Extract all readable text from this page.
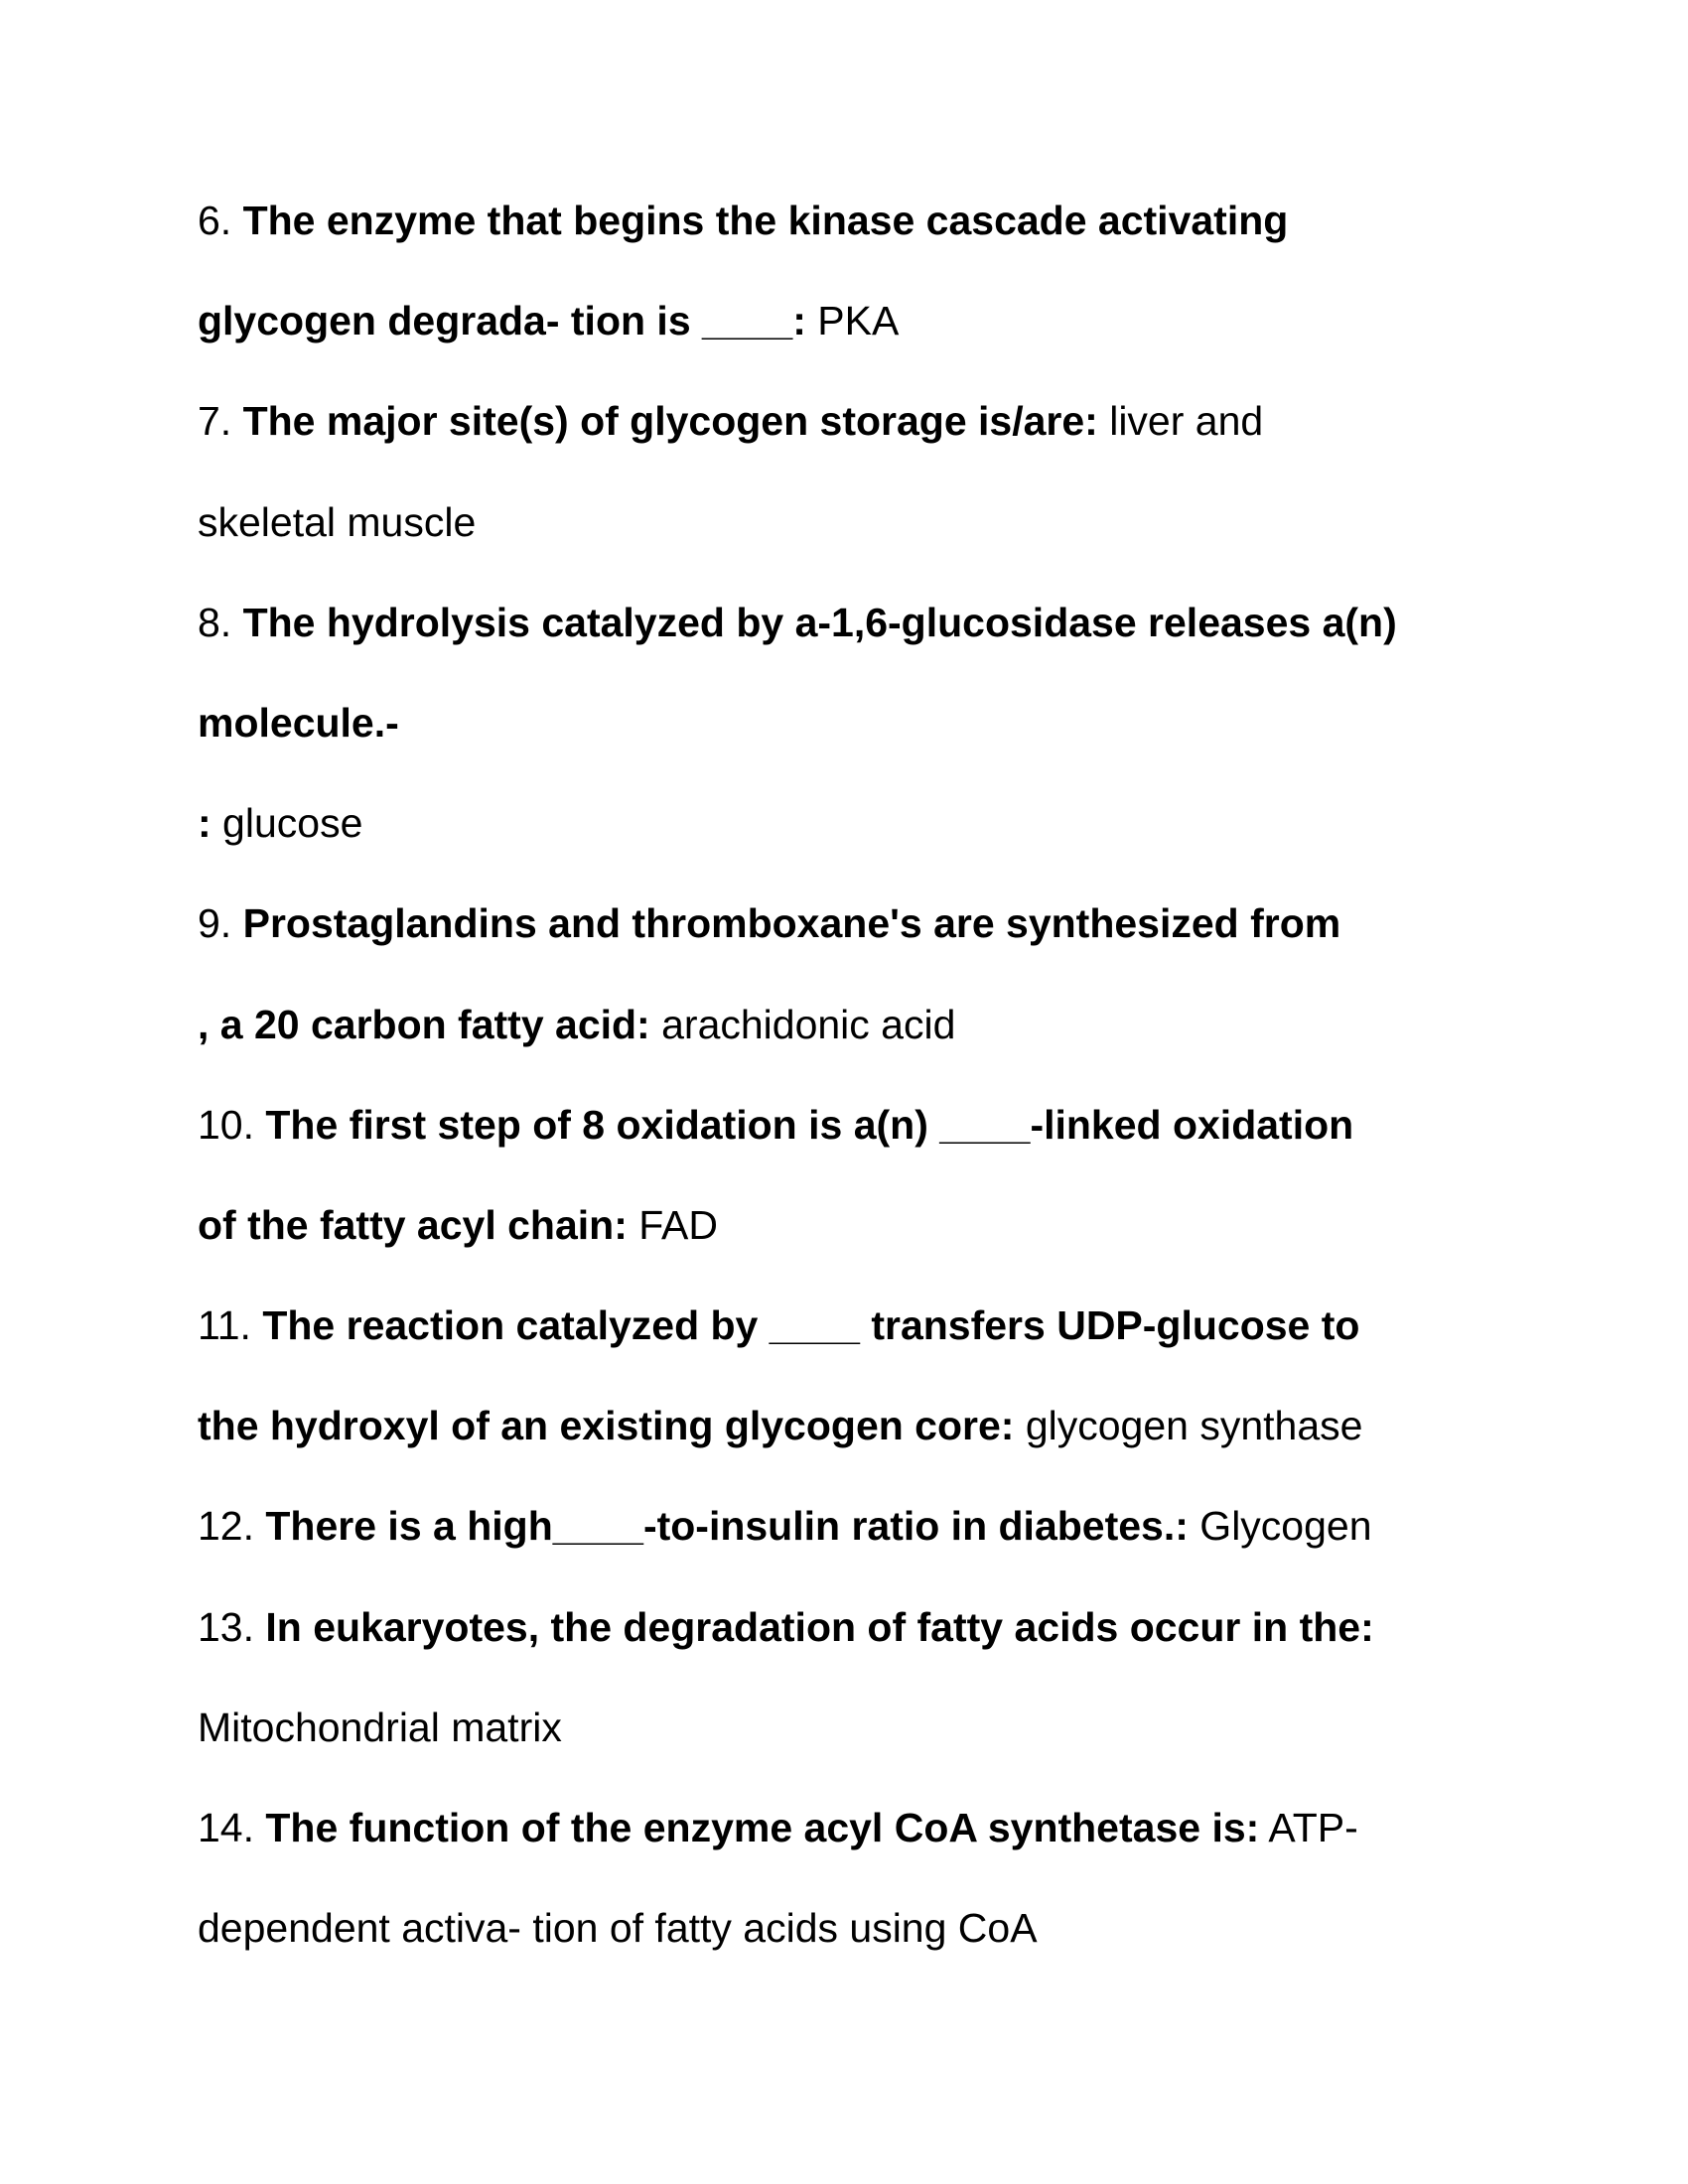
6. The enzyme that begins the kinase cascade activating
glycogen degrada- tion is ____: PKA
7. The major site(s) of glycogen storage is/are: liver and
skeletal muscle
8. The hydrolysis catalyzed by a-1,6-glucosidase releases a(n)
molecule.-
: glucose
9. Prostaglandins and thromboxane's are synthesized from
, a 20 carbon fatty acid: arachidonic acid
10. The first step of 8 oxidation is a(n) ____-linked oxidation
of the fatty acyl chain: FAD
11. The reaction catalyzed by ____ transfers UDP-glucose to
the hydroxyl of an existing glycogen core: glycogen synthase
12. There is a high____-to-insulin ratio in diabetes.: Glycogen
13. In eukaryotes, the degradation of fatty acids occur in the:
Mitochondrial matrix
14. The function of the enzyme acyl CoA synthetase is: ATP-
dependent activa- tion of fatty acids using CoA
